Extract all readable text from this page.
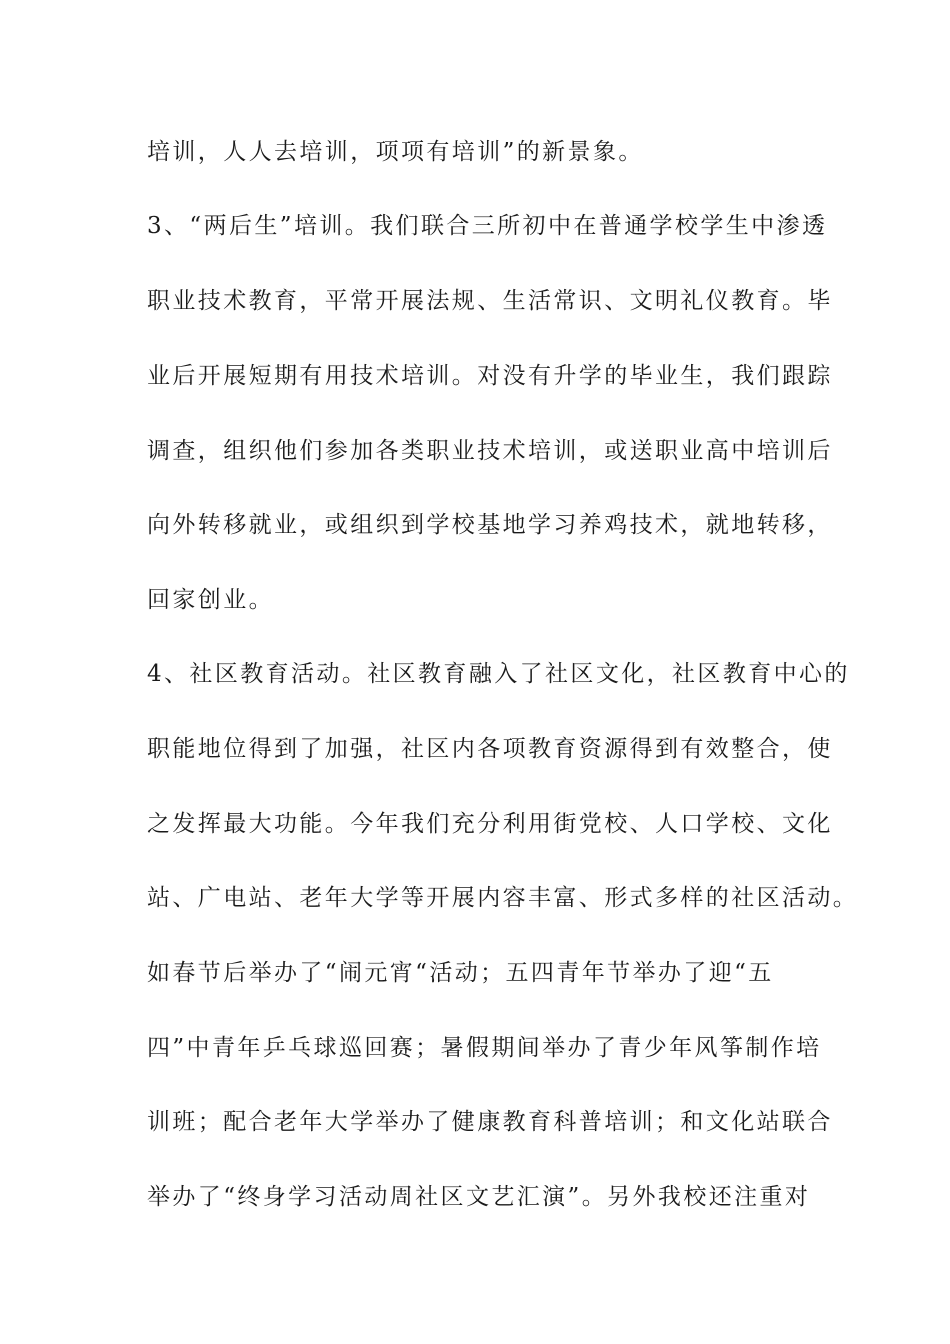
培训，人人去培训，项项有培训”的新景象。
3、“两后生”培训。我们联合三所初中在普通学校学生中渗透
职业技术教育，平常开展法规、生活常识、文明礼仪教育。毕
业后开展短期有用技术培训。对没有升学的毕业生，我们跟踪
调查，组织他们参加各类职业技术培训，或送职业高中培训后
向外转移就业，或组织到学校基地学习养鸡技术，就地转移，
回家创业。
4、社区教育活动。社区教育融入了社区文化，社区教育中心的
职能地位得到了加强，社区内各项教育资源得到有效整合，使
之发挥最大功能。今年我们充分利用街党校、人口学校、文化
站、广电站、老年大学等开展内容丰富、形式多样的社区活动。
如春节后举办了“闹元宵“活动；五四青年节举办了迎“五
四”中青年乒乓球巡回赛；暑假期间举办了青少年风筝制作培
训班；配合老年大学举办了健康教育科普培训；和文化站联合
举办了“终身学习活动周社区文艺汇演”。另外我校还注重对
